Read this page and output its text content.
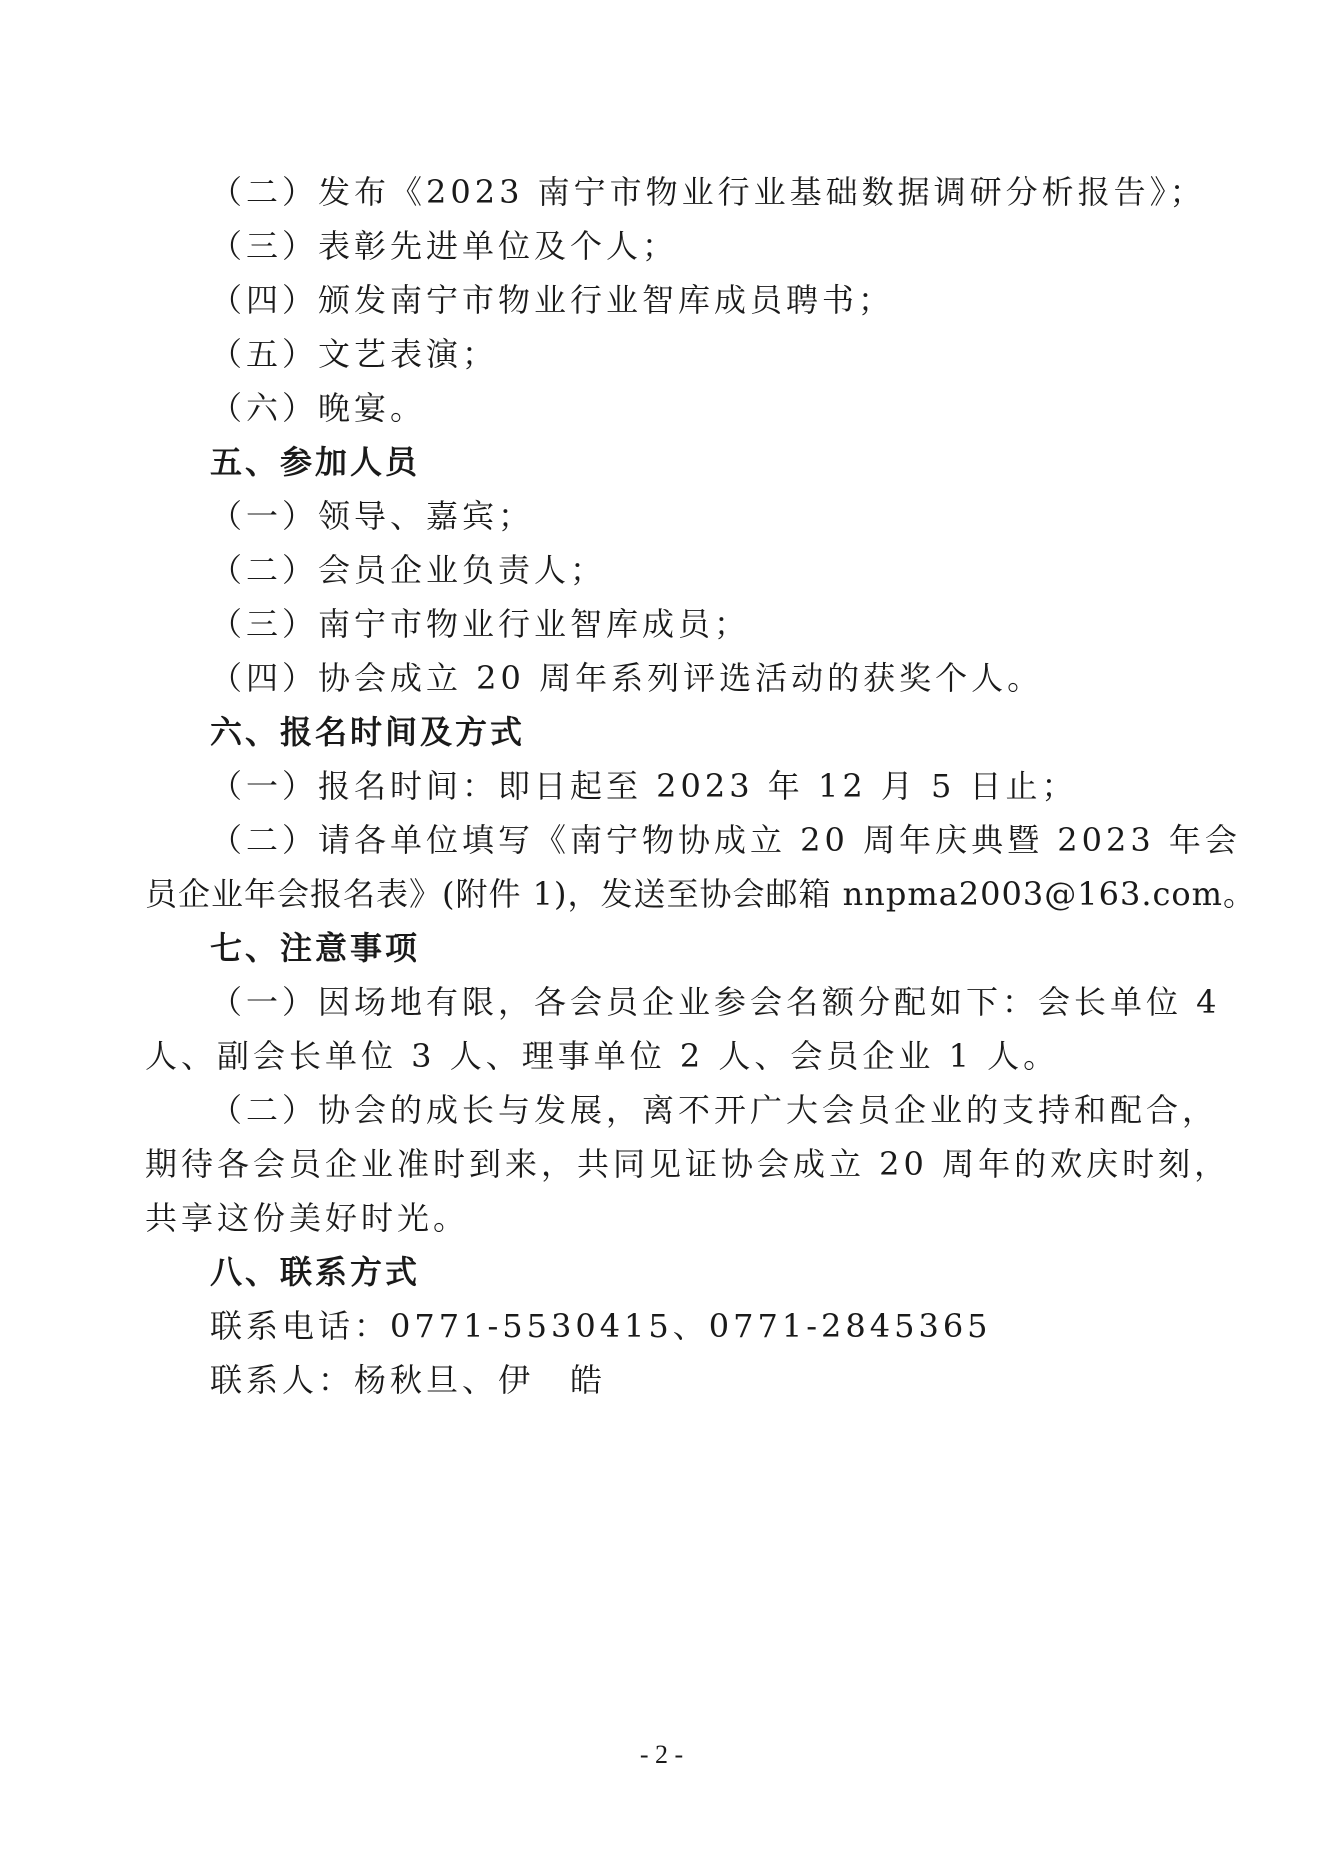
（二）发布《2023 南宁市物业行业基础数据调研分析报告》；
（三）表彰先进单位及个人；
（四）颁发南宁市物业行业智库成员聘书；
（五）文艺表演；
（六）晚宴。
五、参加人员
（一）领导、嘉宾；
（二）会员企业负责人；
（三）南宁市物业行业智库成员；
（四）协会成立 20 周年系列评选活动的获奖个人。
六、报名时间及方式
（一）报名时间：即日起至 2023 年 12 月 5 日止；
（二）请各单位填写《南宁物协成立 20 周年庆典暨 2023 年会
员企业年会报名表》(附件 1)，发送至协会邮箱 nnpma2003@163.com。
七、注意事项
（一）因场地有限，各会员企业参会名额分配如下：会长单位 4
人、副会长单位 3 人、理事单位 2 人、会员企业 1 人。
（二）协会的成长与发展，离不开广大会员企业的支持和配合，
期待各会员企业准时到来，共同见证协会成立 20 周年的欢庆时刻，
共享这份美好时光。
八、联系方式
联系电话：0771-5530415、0771-2845365
联系人：杨秋旦、伊　皓
- 2 -
